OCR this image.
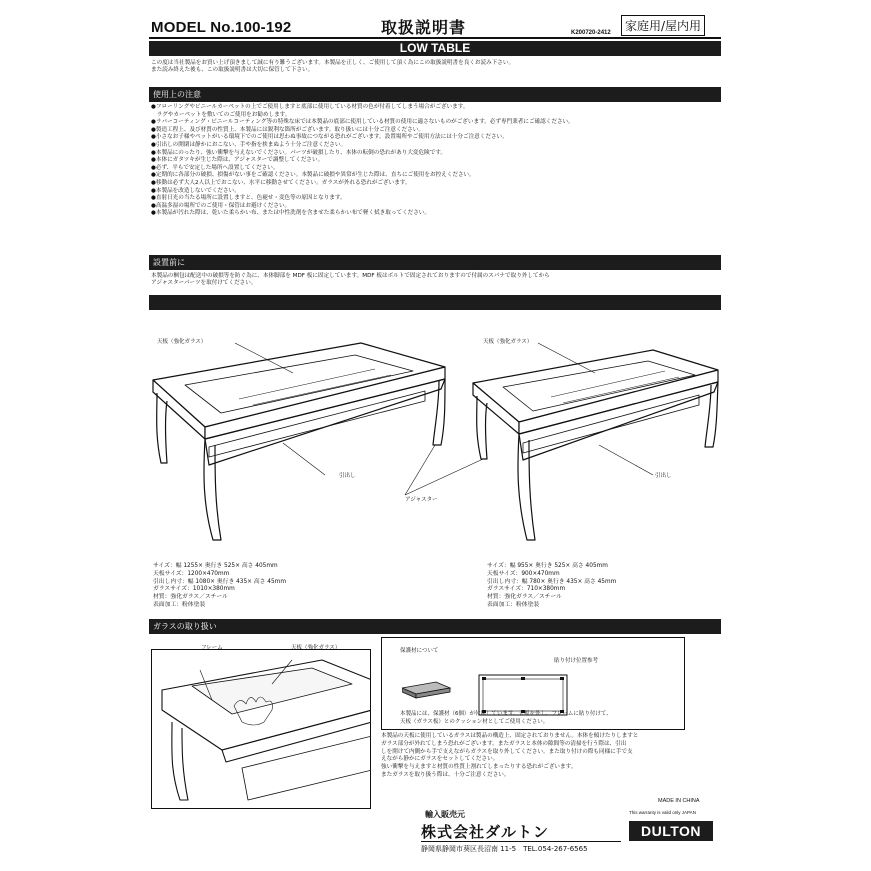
MODEL No.100-192	取扱説明書	家庭用/屋内用
K200720-2412
LOW TABLE
この度は当社製品をお買い上げ頂きまして誠に有り難うございます。本製品を正しく、ご使用して頂く為にこの取扱説明書を良くお読み下さい。
また読み終えた後も、この取扱説明書は大切に保管して下さい。
使用上の注意
●フローリングやビニールカーペットの上でご使用しますと底部に使用している材質の色が付着してしまう場合がございます。
　ラグやカーペットを敷いてのご使用をお勧めします。
●ラバーコーティング・ビニールコーティング等の特殊な床では本製品の底部に使用している材質の使用に適さないものがございます。必ず専門業者にご確認ください。
●製造工程上、及び材質の性質上、本製品には鋭利な箇所がございます。取り扱いには十分ご注意ください。
●小さなお子様やペットがいる環境下でのご使用は思わぬ事故につながる恐れがございます。設置場所やご使用方法には十分ご注意ください。
●引出しの開閉は静かにおこない、手や指を挟まぬよう十分ご注意ください。
●本製品にのったり、強い衝撃を与えないでください。パーツが破損したり、本体の転倒の恐れがあり大変危険です。
●本体にガタツキが生じた際は、アジャスターで調整してください。
●必ず、平らで安定した場所へ設置してください。
●定期的に各部分の破損、損傷がない事をご確認ください。本製品に破損や異常が生じた際は、直ちにご使用をお控えください。
●移動は必ず大人2人以上でおこない、水平に移動させてください。ガラスが外れる恐れがございます。
●本製品を改造しないでください。
●直射日光の当たる場所に設置しますと、色褪せ・変色等の原因となります。
●高温多湿の場所でのご使用・保管はお避けください。
●本製品が汚れた際は、乾いた柔らかい布、または中性洗剤を含ませた柔らかい布で軽く拭き取ってください。
設置前に
本製品の梱包は配送中の破損等を防ぐ為に、本体脚部を MDF 板に固定しています。MDF 板はボルトで固定されておりますので付属のスパナで取り外してから
アジャスターパーツを取付けてください。
天板（強化ガラス）	天板（強化ガラス）
引出し	引出し
アジャスター
サイズ：幅 1255× 奥行き 525× 高さ 405mm
天板サイズ：1200×470mm
引出し内寸：幅 1080× 奥行き 435× 高さ 45mm
ガラスサイズ：1010×380mm
材質：強化ガラス／スチール
表面加工：粉体塗装
サイズ：幅 955× 奥行き 525× 高さ 405mm
天板サイズ：900×470mm
引出し内寸：幅 780× 奥行き 435× 高さ 45mm
ガラスサイズ：710×380mm
材質：強化ガラス／スチール
表面加工：粉体塗装
ガラスの取り扱い
フレーム	天板（強化ガラス）	保護材について
貼り付け位置参考
本製品には、保護材（6個）が付属しています。天板を外し、フレームに貼り付けて、
天板（ガラス板）とのクッション材としてご使用ください。
本製品の天板に使用しているガラスは製品の構造上、固定されておりません。本体を傾けたりしますと
ガラス部分が外れてしまう恐れがございます。またガラスと本体の隙間等の清掃を行う際は、引出
しを開けて内側から手で支えながらガラスを取り外してください。また取り付けの際も同様に手で支
えながら静かにガラスをセットしてください。
強い衝撃を与えますと材質の性質上割れてしまったりする恐れがございます。
またガラスを取り扱う際は、十分ご注意ください。
MADE IN CHINA
This warranty is valid only JAPAN
輸入販売元
株式会社ダルトン
静岡県静岡市葵区長沼南 11-5　TEL.054-267-6565
DULTON
